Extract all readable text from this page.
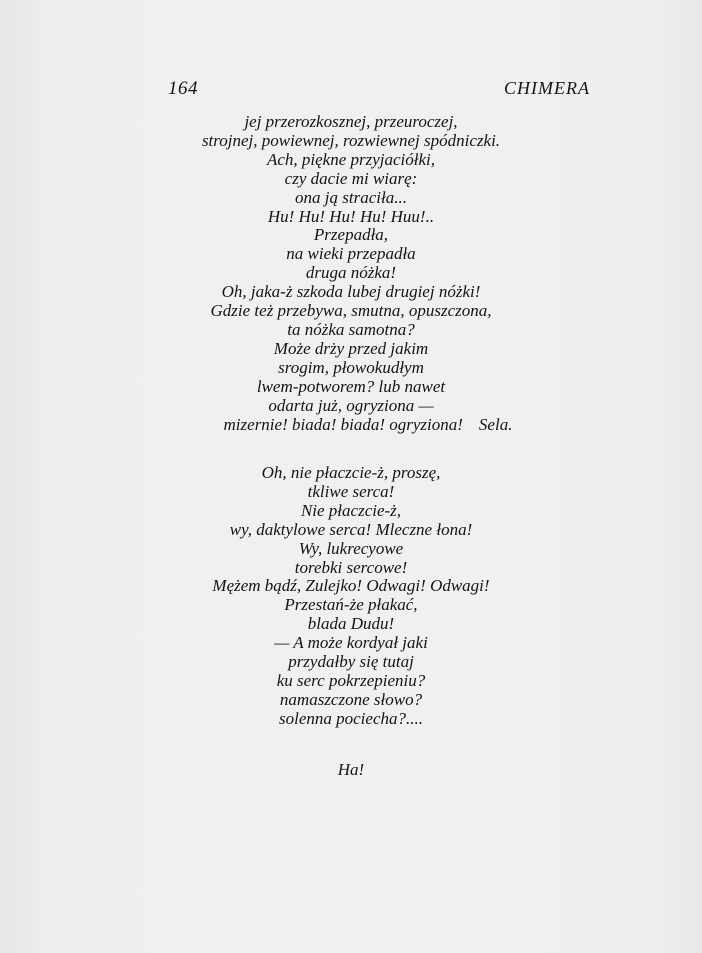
164	CHIMERA
jej przerozkosznej, przeuroczej,
strojnej, powiewnej, rozwiewnej spódniczki.
Ach, piękne przyjaciółki,
czy dacie mi wiarę:
ona ją straciła...
Hu! Hu! Hu! Hu! Huu!..
Przepadła,
na wieki przepadła
druga nóżka!
Oh, jaka-ż szkoda lubej drugiej nóżki!
Gdzie też przebywa, smutna, opuszczona,
ta nóżka samotna?
Może drży przed jakim
srogim, płowokudłym
lwem-potworem? lub nawet
odarta już, ogryziona —
mizernie! biada! biada! ogryziona! Sela.
Oh, nie płaczcie-ż, proszę,
tkliwe serca!
Nie płaczcie-ż,
wy, daktylowe serca! Mleczne łona!
Wy, lukrecyowe
torebki sercowe!
Mężem bądź, Zulejko! Odwagi! Odwagi!
Przestań-że płakać,
blada Dudu!
— A może kordyał jaki
przydałby się tutaj
ku serc pokrzepieniu?
namaszczone słowo?
solenna pociecha?....
Ha!
